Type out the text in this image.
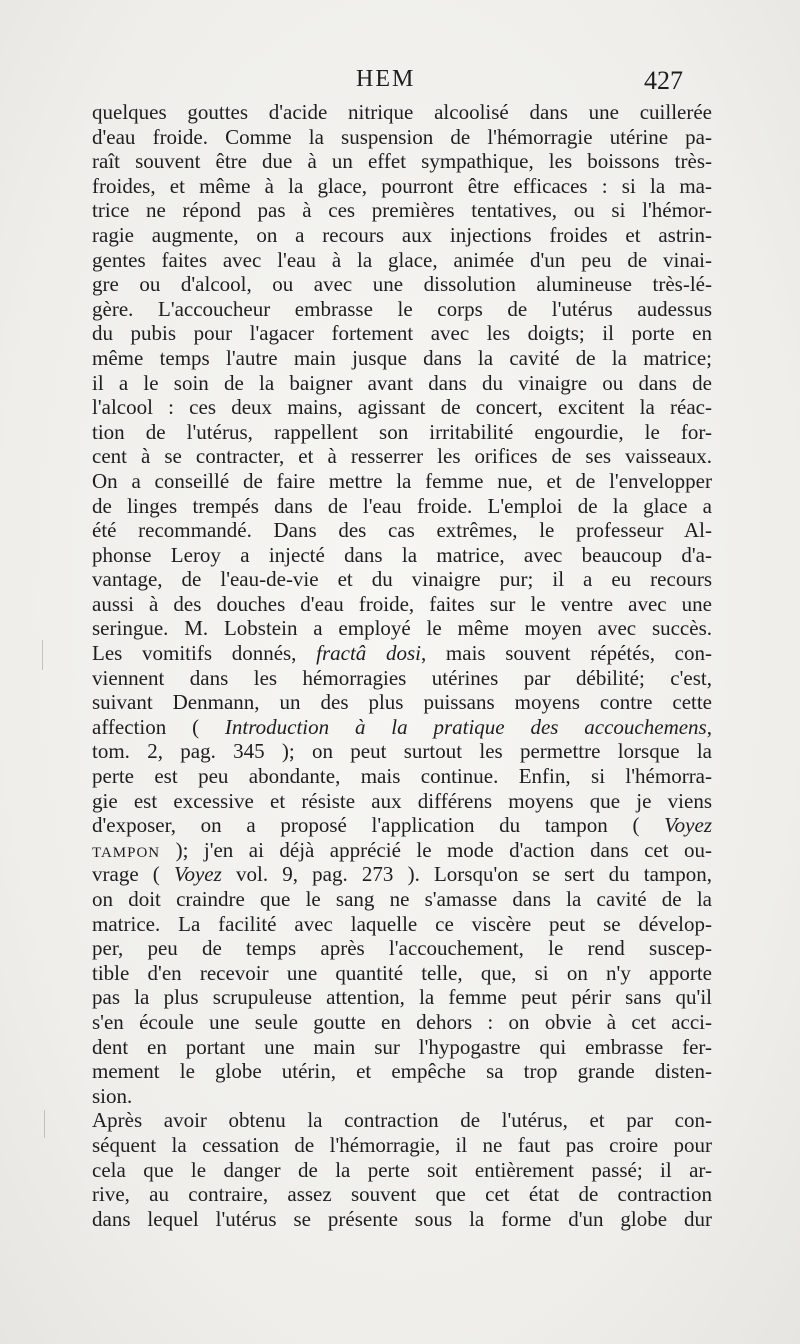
HEM	427
quelques gouttes d'acide nitrique alcoolisé dans une cuillerée
d'eau froide. Comme la suspension de l'hémorragie utérine pa-
raît souvent être due à un effet sympathique, les boissons très-
froides, et même à la glace, pourront être efficaces : si la ma-
trice ne répond pas à ces premières tentatives, ou si l'hémor-
ragie augmente, on a recours aux injections froides et astrin-
gentes faites avec l'eau à la glace, animée d'un peu de vinai-
gre ou d'alcool, ou avec une dissolution alumineuse très-lé-
gère. L'accoucheur embrasse le corps de l'utérus audessus
du pubis pour l'agacer fortement avec les doigts; il porte en
même temps l'autre main jusque dans la cavité de la matrice;
il a le soin de la baigner avant dans du vinaigre ou dans de
l'alcool : ces deux mains, agissant de concert, excitent la réac-
tion de l'utérus, rappellent son irritabilité engourdie, le for-
cent à se contracter, et à resserrer les orifices de ses vaisseaux.
On a conseillé de faire mettre la femme nue, et de l'envelopper
de linges trempés dans de l'eau froide. L'emploi de la glace a
été recommandé. Dans des cas extrêmes, le professeur Al-
phonse Leroy a injecté dans la matrice, avec beaucoup d'a-
vantage, de l'eau-de-vie et du vinaigre pur; il a eu recours
aussi à des douches d'eau froide, faites sur le ventre avec une
seringue. M. Lobstein a employé le même moyen avec succès.
Les vomitifs donnés, fractâ dosi, mais souvent répétés, con-
viennent dans les hémorragies utérines par débilité; c'est,
suivant Denmann, un des plus puissans moyens contre cette
affection ( Introduction à la pratique des accouchemens,
tom. 2, pag. 345 ); on peut surtout les permettre lorsque la
perte est peu abondante, mais continue. Enfin, si l'hémorra-
gie est excessive et résiste aux différens moyens que je viens
d'exposer, on a proposé l'application du tampon ( Voyez
TAMPON ); j'en ai déjà apprécié le mode d'action dans cet ou-
vrage ( Voyez vol. 9, pag. 273 ). Lorsqu'on se sert du tampon,
on doit craindre que le sang ne s'amasse dans la cavité de la
matrice. La facilité avec laquelle ce viscère peut se dévelop-
per, peu de temps après l'accouchement, le rend suscep-
tible d'en recevoir une quantité telle, que, si on n'y apporte
pas la plus scrupuleuse attention, la femme peut périr sans qu'il
s'en écoule une seule goutte en dehors : on obvie à cet acci-
dent en portant une main sur l'hypogastre qui embrasse fer-
mement le globe utérin, et empêche sa trop grande disten-
sion.
Après avoir obtenu la contraction de l'utérus, et par con-
séquent la cessation de l'hémorragie, il ne faut pas croire pour
cela que le danger de la perte soit entièrement passé; il ar-
rive, au contraire, assez souvent que cet état de contraction
dans lequel l'utérus se présente sous la forme d'un globe dur
